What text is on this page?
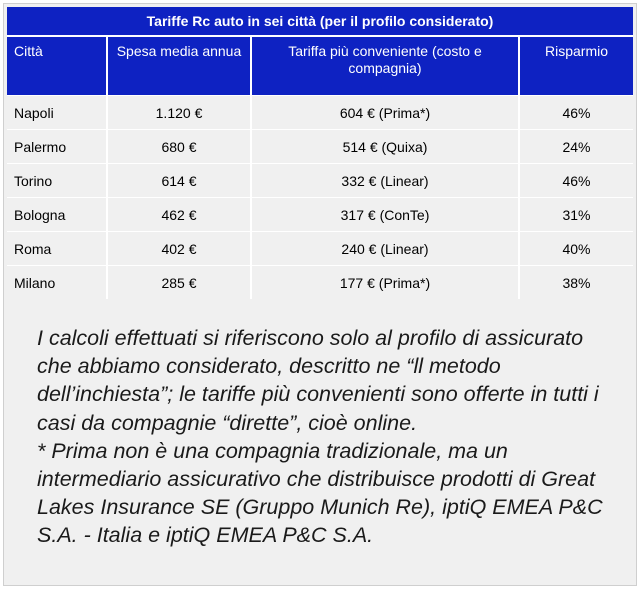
Tariffe Rc auto in sei città (per il profilo considerato)
Città	Spesa media annua	Tariffa più conveniente (costo e compagnia)	Risparmio
Napoli	1.120 €	604 € (Prima*)	46%
Palermo	680 €	514 € (Quixa)	24%
Torino	614 €	332 € (Linear)	46%
Bologna	462 €	317 € (ConTe)	31%
Roma	402 €	240 € (Linear)	40%
Milano	285 €	177 € (Prima*)	38%

I calcoli effettuati si riferiscono solo al profilo di assicurato che abbiamo considerato, descritto ne “ll metodo dell’inchiesta”; le tariffe più convenienti sono offerte in tutti i casi da compagnie “dirette”, cioè online.

* Prima non è una compagnia tradizionale, ma un intermediario assicurativo che distribuisce prodotti di Great Lakes Insurance SE (Gruppo Munich Re), iptiQ EMEA P&C S.A. - Italia e iptiQ EMEA P&C S.A.
